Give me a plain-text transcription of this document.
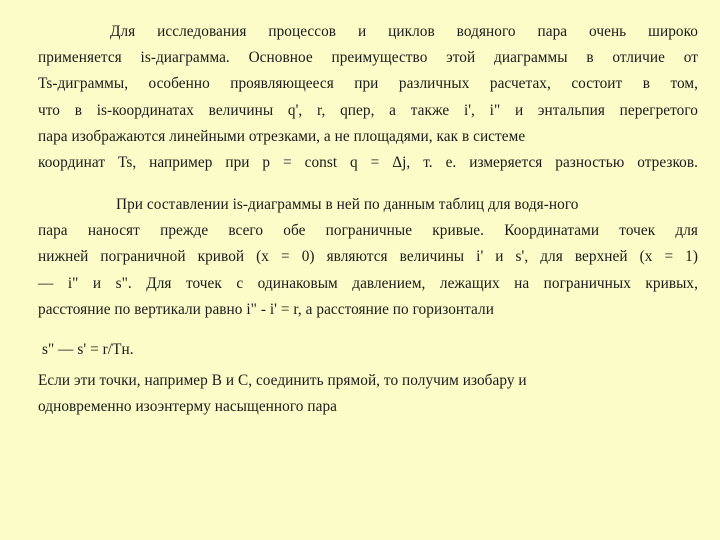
Для исследования процессов и циклов водяного пара очень широко
применяется is-диаграмма. Основное преимущество этой диаграммы в отличие от
Ts-диграммы, особенно проявляющееся при различных расчетах, состоит в том,
что в is-координатах величины q', r, qпер, а также i', i" и энтальпия перегретого
пара изображаются линейными отрезками, а не площадями, как в системе
координат Ts, например при p = const q = Δj, т. е. измеряется разностью отрезков.

При составлении is-диаграммы в ней по данным таблиц для водя-ного
пара наносят прежде всего обе пограничные кривые. Координатами точек для
нижней пограничной кривой (x = 0) являются величины i' и s', для верхней (x = 1)
— i" и s". Для точек с одинаковым давлением, лежащих на пограничных кривых,
расстояние по вертикали равно i" - i' = r, а расстояние по горизонтали

s" — s' = r/Tн.

Если эти точки, например B и C, соединить прямой, то получим изобару и
одновременно изоэнтерму насыщенного пара
